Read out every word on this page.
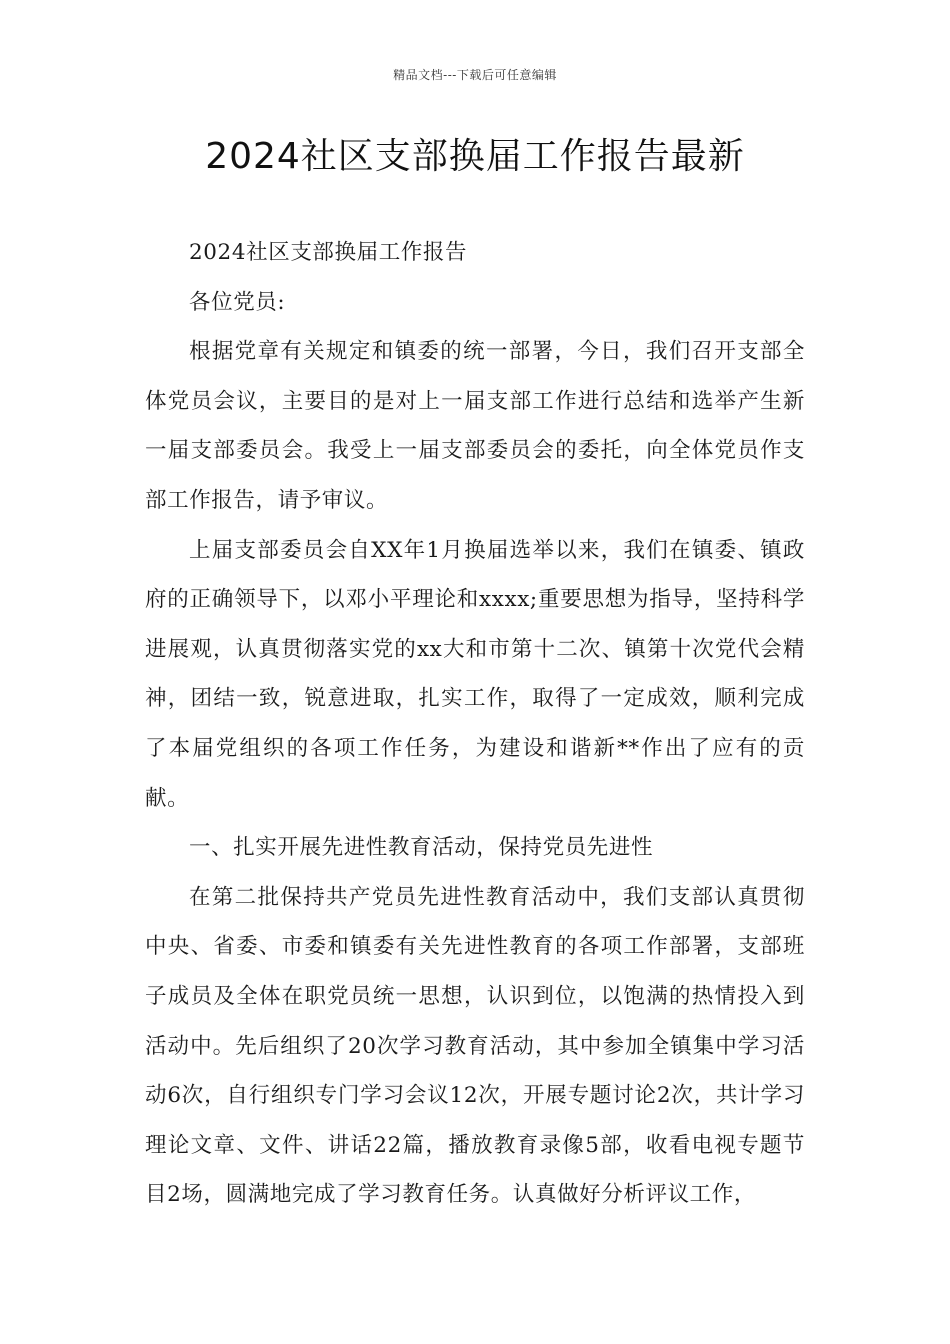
精品文档---下载后可任意编辑
2024社区支部换届工作报告最新

2024社区支部换届工作报告

各位党员:

根据党章有关规定和镇委的统一部署，今日，我们召开支部全体党员会议，主要目的是对上一届支部工作进行总结和选举产生新一届支部委员会。我受上一届支部委员会的委托，向全体党员作支部工作报告，请予审议。

上届支部委员会自XX年1月换届选举以来，我们在镇委、镇政府的正确领导下，以邓小平理论和xxxx;重要思想为指导，坚持科学进展观，认真贯彻落实党的xx大和市第十二次、镇第十次党代会精神，团结一致，锐意进取，扎实工作，取得了一定成效，顺利完成了本届党组织的各项工作任务，为建设和谐新**作出了应有的贡献。

一、扎实开展先进性教育活动，保持党员先进性

在第二批保持共产党员先进性教育活动中，我们支部认真贯彻中央、省委、市委和镇委有关先进性教育的各项工作部署，支部班子成员及全体在职党员统一思想，认识到位，以饱满的热情投入到活动中。先后组织了20次学习教育活动，其中参加全镇集中学习活动6次，自行组织专门学习会议12次，开展专题讨论2次，共计学习理论文章、文件、讲话22篇，播放教育录像5部，收看电视专题节目2场，圆满地完成了学习教育任务。认真做好分析评议工作，
